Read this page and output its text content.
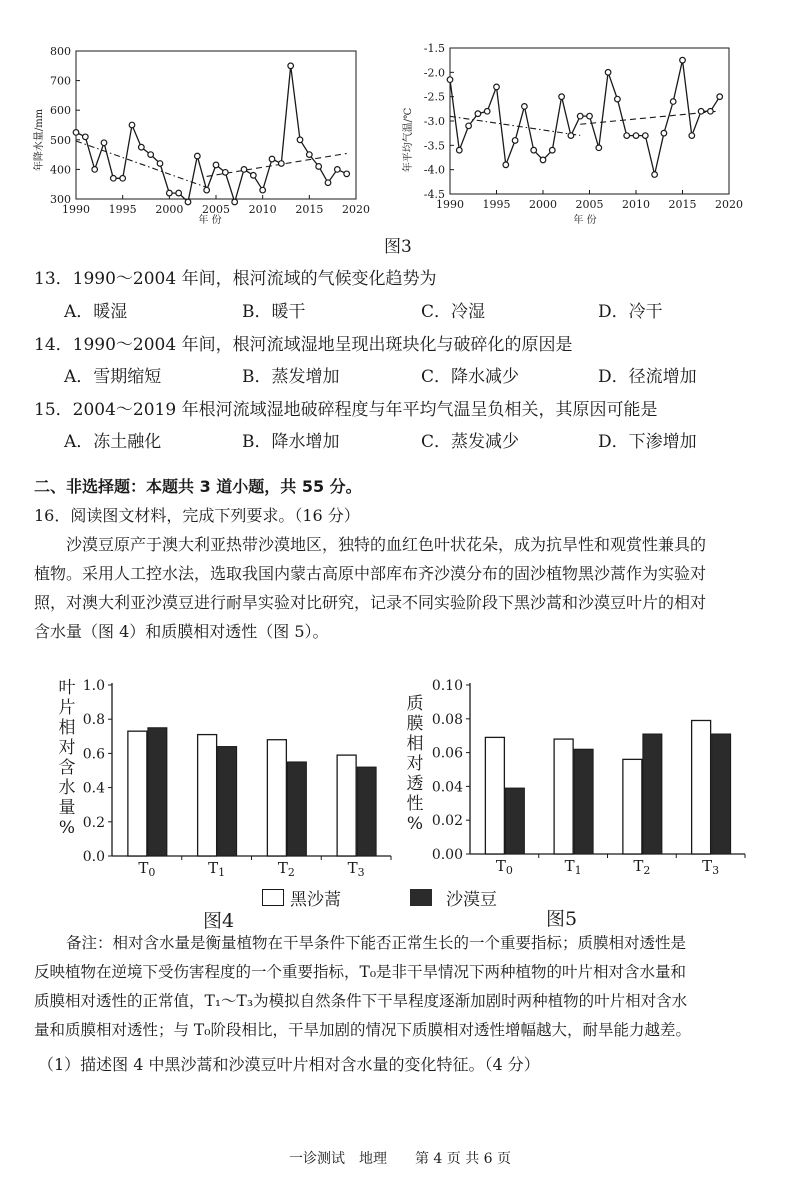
800
700
600
500
400
300
1990 1995 2000 2005 2010 2015 2020
年降水量/mm
年 份
-1.5
-2.0
-2.5
-3.0
-3.5
-4.0
-4.5
1990 1995 2000 2005 2010 2015 2020
年平均气温/℃
年 份
图3
13．1990～2004 年间，根河流域的气候变化趋势为
A．暖湿	B．暖干	C．冷湿	D．冷干
14．1990～2004 年间，根河流域湿地呈现出斑块化与破碎化的原因是
A．雪期缩短	B．蒸发增加	C．降水减少	D．径流增加
15．2004～2019 年根河流域湿地破碎程度与年平均气温呈负相关，其原因可能是
A．冻土融化	B．降水增加	C．蒸发减少	D．下渗增加
二、非选择题：本题共 3 道小题，共 55 分。
16．阅读图文材料，完成下列要求。（16 分）
沙漠豆原产于澳大利亚热带沙漠地区，独特的血红色叶状花朵，成为抗旱性和观赏性兼具的
植物。采用人工控水法，选取我国内蒙古高原中部库布齐沙漠分布的固沙植物黑沙蒿作为实验对
照，对澳大利亚沙漠豆进行耐旱实验对比研究，记录不同实验阶段下黑沙蒿和沙漠豆叶片的相对
含水量（图 4）和质膜相对透性（图 5）。
叶
片
相
对
含
水
量
%
1.0
0.8
0.6
0.4
0.2
0.0
$T_0$	$T_1$	$T_2$	$T_3$
质
膜
相
对
透
性
%
0.10
0.08
0.06
0.04
0.02
0.00
$T_0$	$T_1$	$T_2$	$T_3$
黑沙蒿	沙漠豆
图4	图5
备注：相对含水量是衡量植物在干旱条件下能否正常生长的一个重要指标；质膜相对透性是
反映植物在逆境下受伤害程度的一个重要指标，T₀是非干旱情况下两种植物的叶片相对含水量和
质膜相对透性的正常值，T₁～T₃为模拟自然条件下干旱程度逐渐加剧时两种植物的叶片相对含水
量和质膜相对透性；与 T₀阶段相比，干旱加剧的情况下质膜相对透性增幅越大，耐旱能力越差。
（1）描述图 4 中黑沙蒿和沙漠豆叶片相对含水量的变化特征。（4 分）
一诊测试　地理　　第 4 页 共 6 页
